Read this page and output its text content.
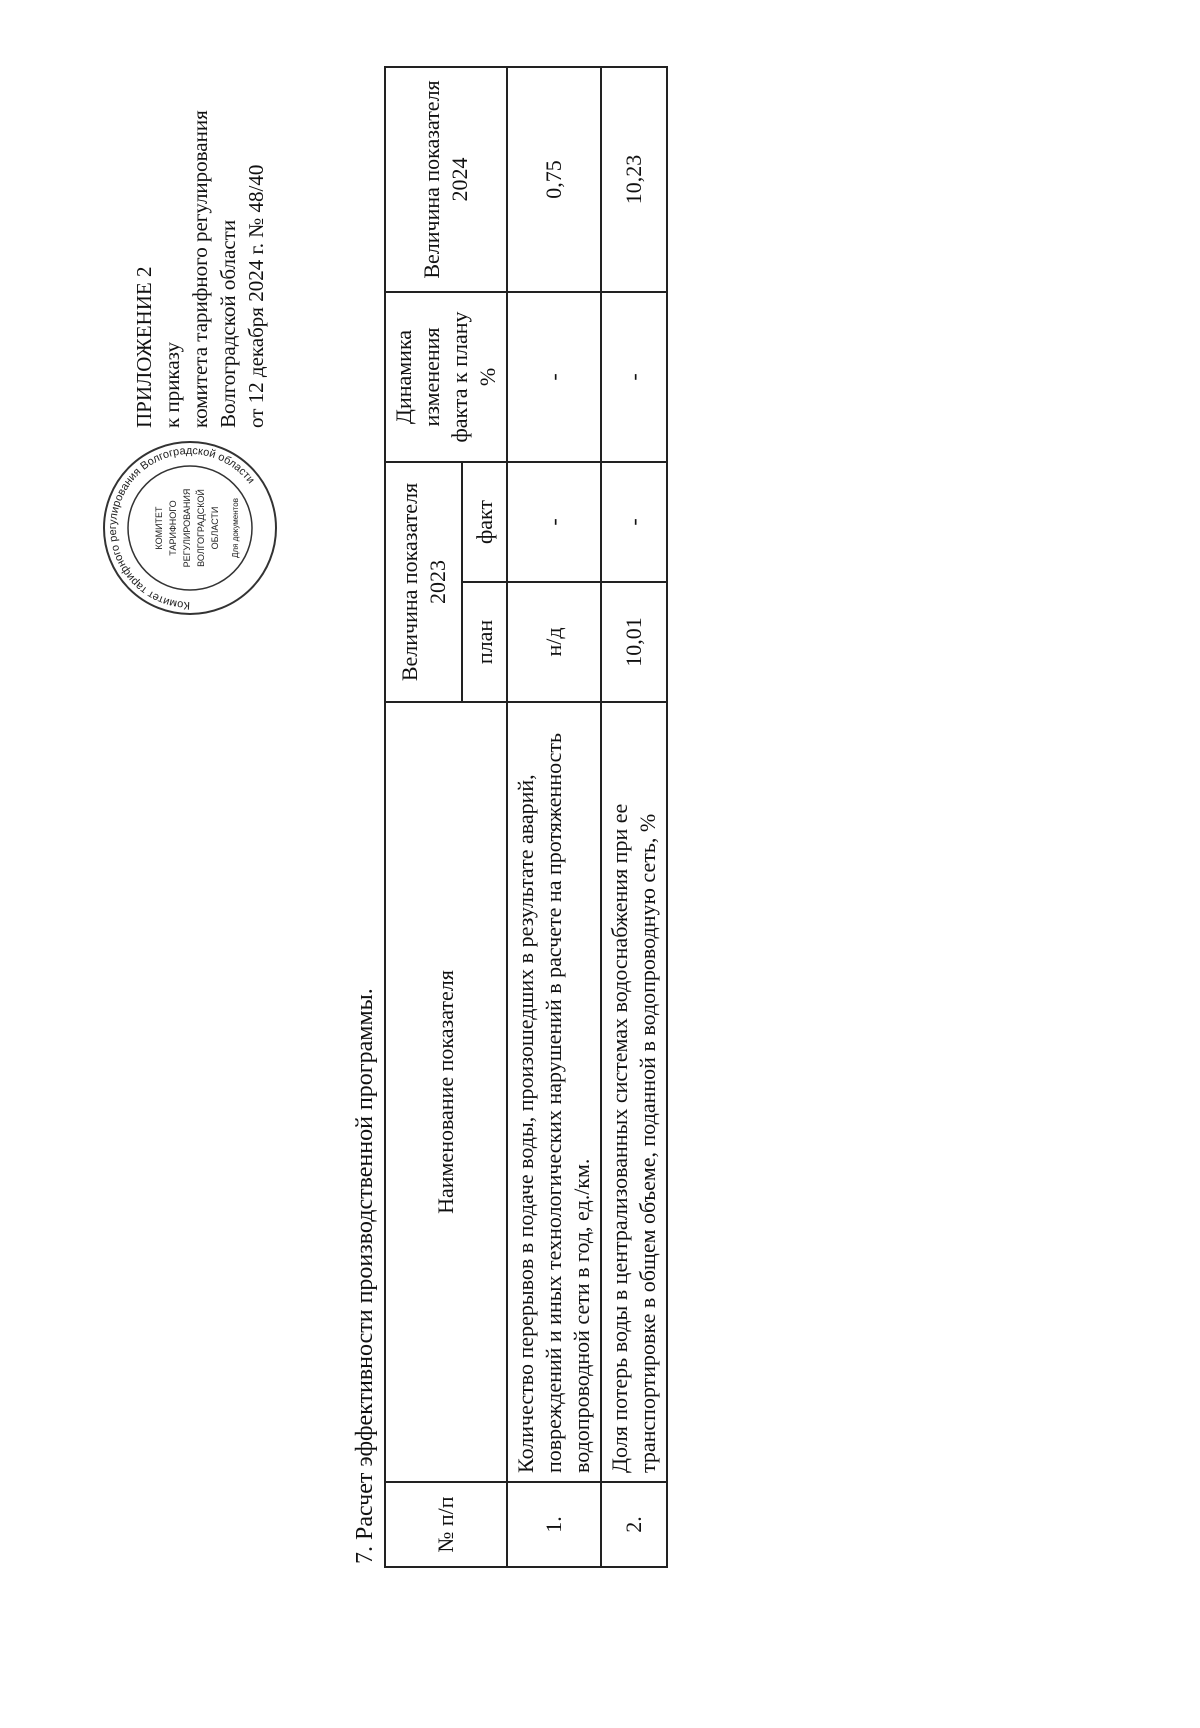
ПРИЛОЖЕНИЕ 2 к приказу комитета тарифного регулирования Волгоградской области от 12 декабря 2024 г. № 48/40
Комитет тарифного регулирования Волгоградской области
КОМИТЕТ ТАРИФНОГО РЕГУЛИРОВАНИЯ ВОЛГОГРАДСКОЙ ОБЛАСТИ Для документов
7. Расчет эффективности производственной программы.	№ п/п	Наименование показателя	Величина показателя 2023		Динамика изменения факта к плану %	Величина показателя 2024
		план	факт		
1.	Количество перерывов в подаче воды, произошедших в результате аварий, повреждений и иных технологических нарушений в расчете на протяженность водопроводной сети в год, ед./км.	н/д	-	-	0,75
2.	Доля потерь воды в централизованных системах водоснабжения при ее транспортировке в общем объеме, поданной в водопроводную сеть, %	10,01	-	-	10,23
